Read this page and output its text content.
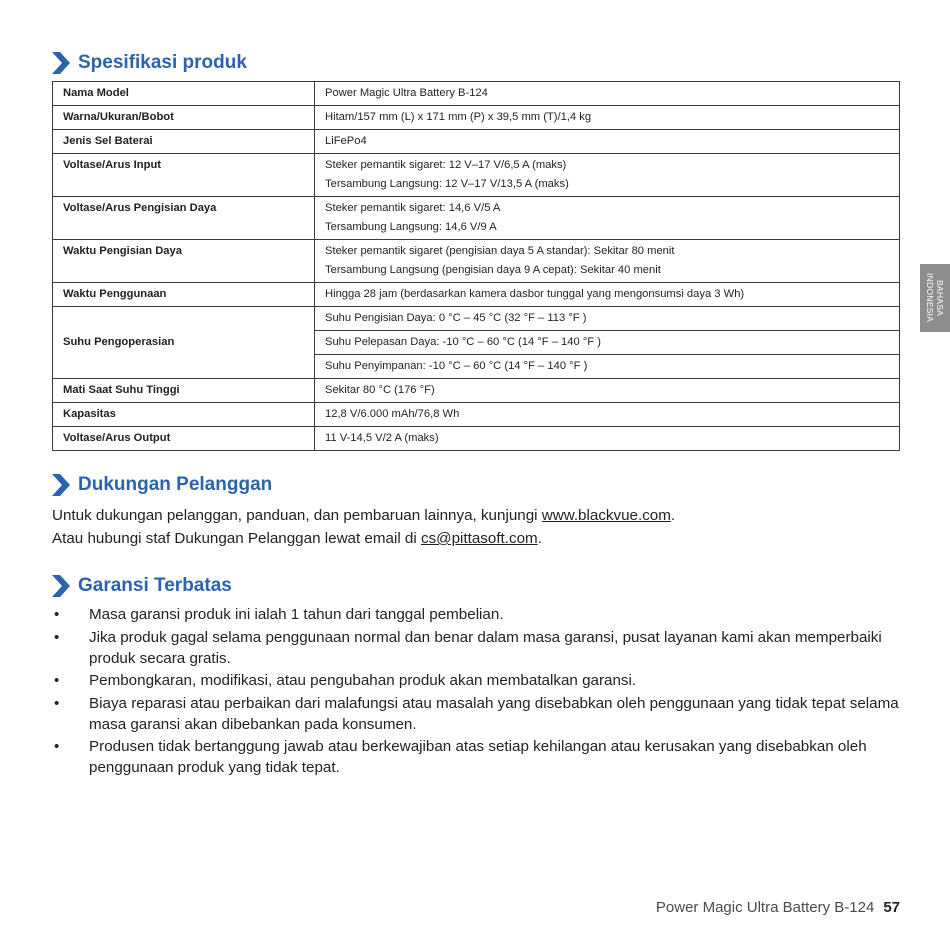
Spesifikasi produk
Nama Model	Power Magic Ultra Battery B-124
Warna/Ukuran/Bobot	Hitam/157 mm (L) x 171 mm (P) x 39,5 mm (T)/1,4 kg
Jenis Sel Baterai	LiFePo4
Voltase/Arus Input	Steker pemantik sigaret: 12 V–17 V/6,5 A (maks)
Tersambung Langsung: 12 V–17 V/13,5 A (maks)

Voltase/Arus Pengisian Daya	Steker pemantik sigaret: 14,6 V/5 A
Tersambung Langsung: 14,6 V/9 A

Waktu Pengisian Daya	Steker pemantik sigaret (pengisian daya 5 A standar): Sekitar 80 menit
Tersambung Langsung (pengisian daya 9 A cepat): Sekitar 40 menit

Waktu Penggunaan	Hingga 28 jam (berdasarkan kamera dasbor tunggal yang mengonsumsi daya 3 Wh)
Suhu Pengoperasian	Suhu Pengisian Daya: 0 °C – 45 °C (32 °F – 113 °F )
	Suhu Pelepasan Daya: -10 °C – 60 °C (14 °F – 140 °F )
	Suhu Penyimpanan: -10 °C – 60 °C (14 °F – 140 °F )
Mati Saat Suhu Tinggi	Sekitar 80 °C (176 °F)
Kapasitas	12,8 V/6.000 mAh/76,8 Wh
Voltase/Arus Output	11 V-14,5 V/2 A (maks)
Dukungan Pelanggan

Untuk dukungan pelanggan, panduan, dan pembaruan lainnya, kunjungi www.blackvue.com.

Atau hubungi staf Dukungan Pelanggan lewat email di cs@pittasoft.com.

Garansi Terbatas
• Masa garansi produk ini ialah 1 tahun dari tanggal pembelian.
• Jika produk gagal selama penggunaan normal dan benar dalam masa garansi, pusat layanan kami akan memperbaiki produk secara gratis.
• Pembongkaran, modifikasi, atau pengubahan produk akan membatalkan garansi.
• Biaya reparasi atau perbaikan dari malafungsi atau masalah yang disebabkan oleh penggunaan yang tidak tepat selama masa garansi akan dibebankan pada konsumen.
• Produsen tidak bertanggung jawab atau berkewajiban atas setiap kehilangan atau kerusakan yang disebabkan oleh penggunaan produk yang tidak tepat.
BAHASA
INDONESIA
Power Magic Ultra Battery B-124 57
